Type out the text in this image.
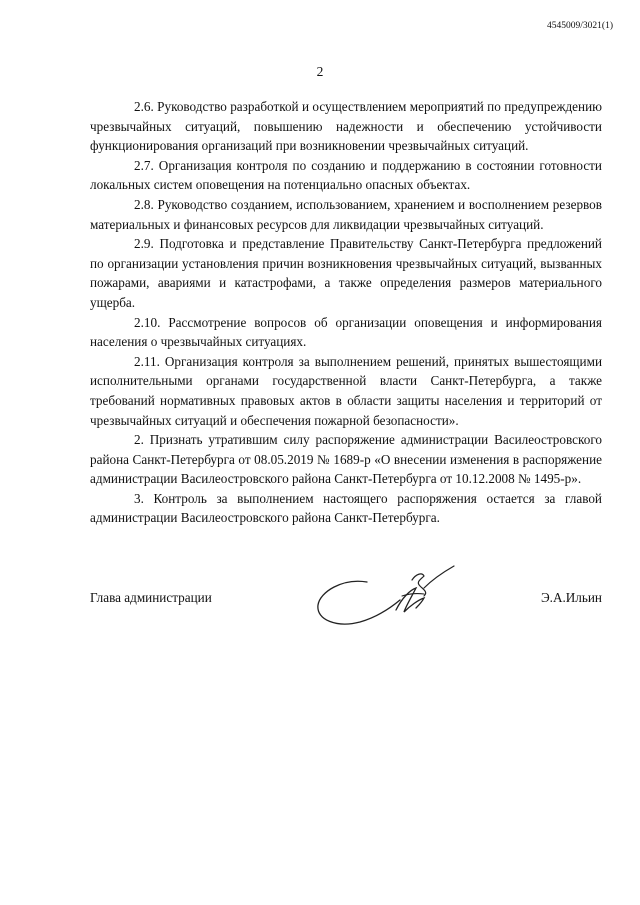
4545009/3021(1)
2

2.6. Руководство разработкой и осуществлением мероприятий по предупреждению чрезвычайных ситуаций, повышению надежности и обеспечению устойчивости функционирования организаций при возникновении чрезвычайных ситуаций.

2.7. Организация контроля по созданию и поддержанию в состоянии готовности локальных систем оповещения на потенциально опасных объектах.

2.8. Руководство созданием, использованием, хранением и восполнением резервов материальных и финансовых ресурсов для ликвидации чрезвычайных ситуаций.

2.9. Подготовка и представление Правительству Санкт-Петербурга предложений по организации установления причин возникновения чрезвычайных ситуаций, вызванных пожарами, авариями и катастрофами, а также определения размеров материального ущерба.

2.10. Рассмотрение вопросов об организации оповещения и информирования населения о чрезвычайных ситуациях.

2.11. Организация контроля за выполнением решений, принятых вышестоящими исполнительными органами государственной власти Санкт-Петербурга, а также требований нормативных правовых актов в области защиты населения и территорий от чрезвычайных ситуаций и обеспечения пожарной безопасности».

2. Признать утратившим силу распоряжение администрации Василеостровского района Санкт-Петербурга от 08.05.2019 № 1689-р «О внесении изменения в распоряжение администрации Василеостровского района Санкт-Петербурга от 10.12.2008 № 1495-р».

3. Контроль за выполнением настоящего распоряжения остается за главой администрации Василеостровского района Санкт-Петербурга.

Глава администрации	Э.А.Ильин
